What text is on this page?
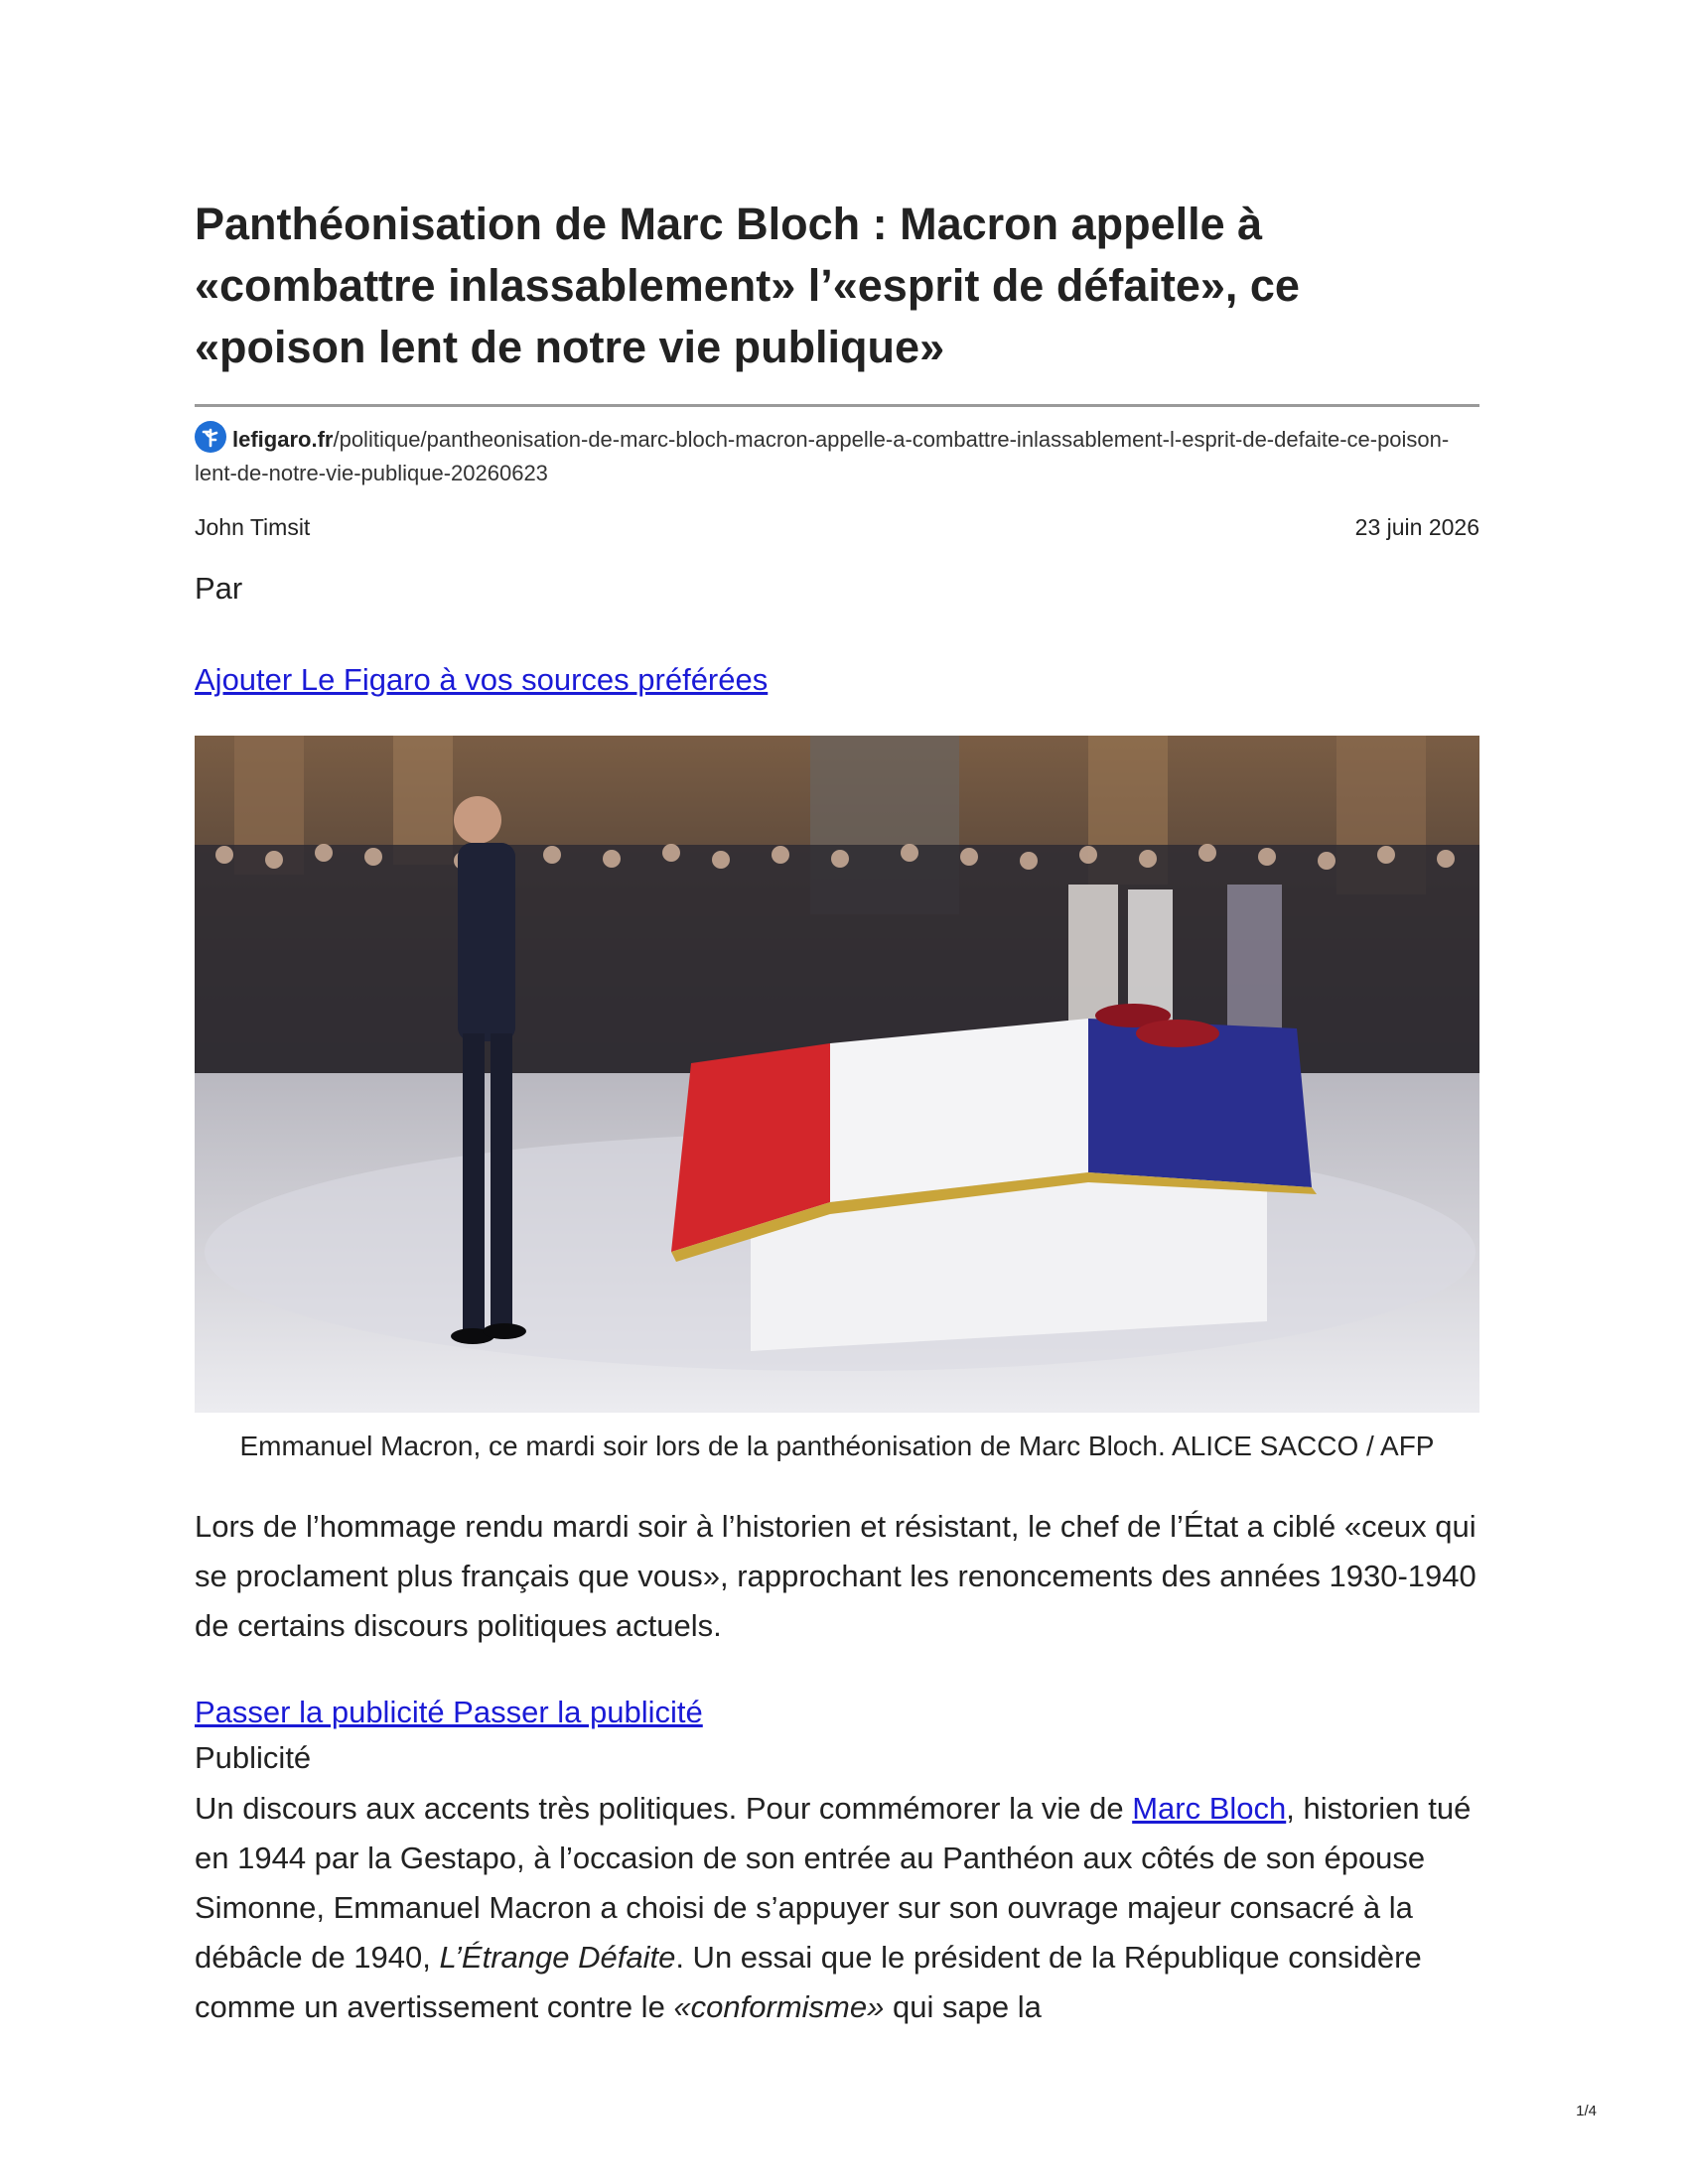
Panthéonisation de Marc Bloch : Macron appelle à «combattre inlassablement» l’«esprit de défaite», ce «poison lent de notre vie publique»
lefigaro.fr/politique/pantheonisation-de-marc-bloch-macron-appelle-a-combattre-inlassablement-l-esprit-de-defaite-ce-poison-lent-de-notre-vie-publique-20260623
John Timsit	23 juin 2026
Par
Ajouter Le Figaro à vos sources préférées
Emmanuel Macron, ce mardi soir lors de la panthéonisation de Marc Bloch. ALICE SACCO / AFP

Lors de l’hommage rendu mardi soir à l’historien et résistant, le chef de l’État a ciblé «ceux qui se proclament plus français que vous», rapprochant les renoncements des années 1930-1940 de certains discours politiques actuels.

Passer la publicité Passer la publicité
Publicité
Un discours aux accents très politiques. Pour commémorer la vie de Marc Bloch, historien tué en 1944 par la Gestapo, à l’occasion de son entrée au Panthéon aux côtés de son épouse Simonne, Emmanuel Macron a choisi de s’appuyer sur son ouvrage majeur consacré à la débâcle de 1940, L’Étrange Défaite. Un essai que le président de la République considère comme un avertissement contre le «conformisme» qui sape la
1/4
